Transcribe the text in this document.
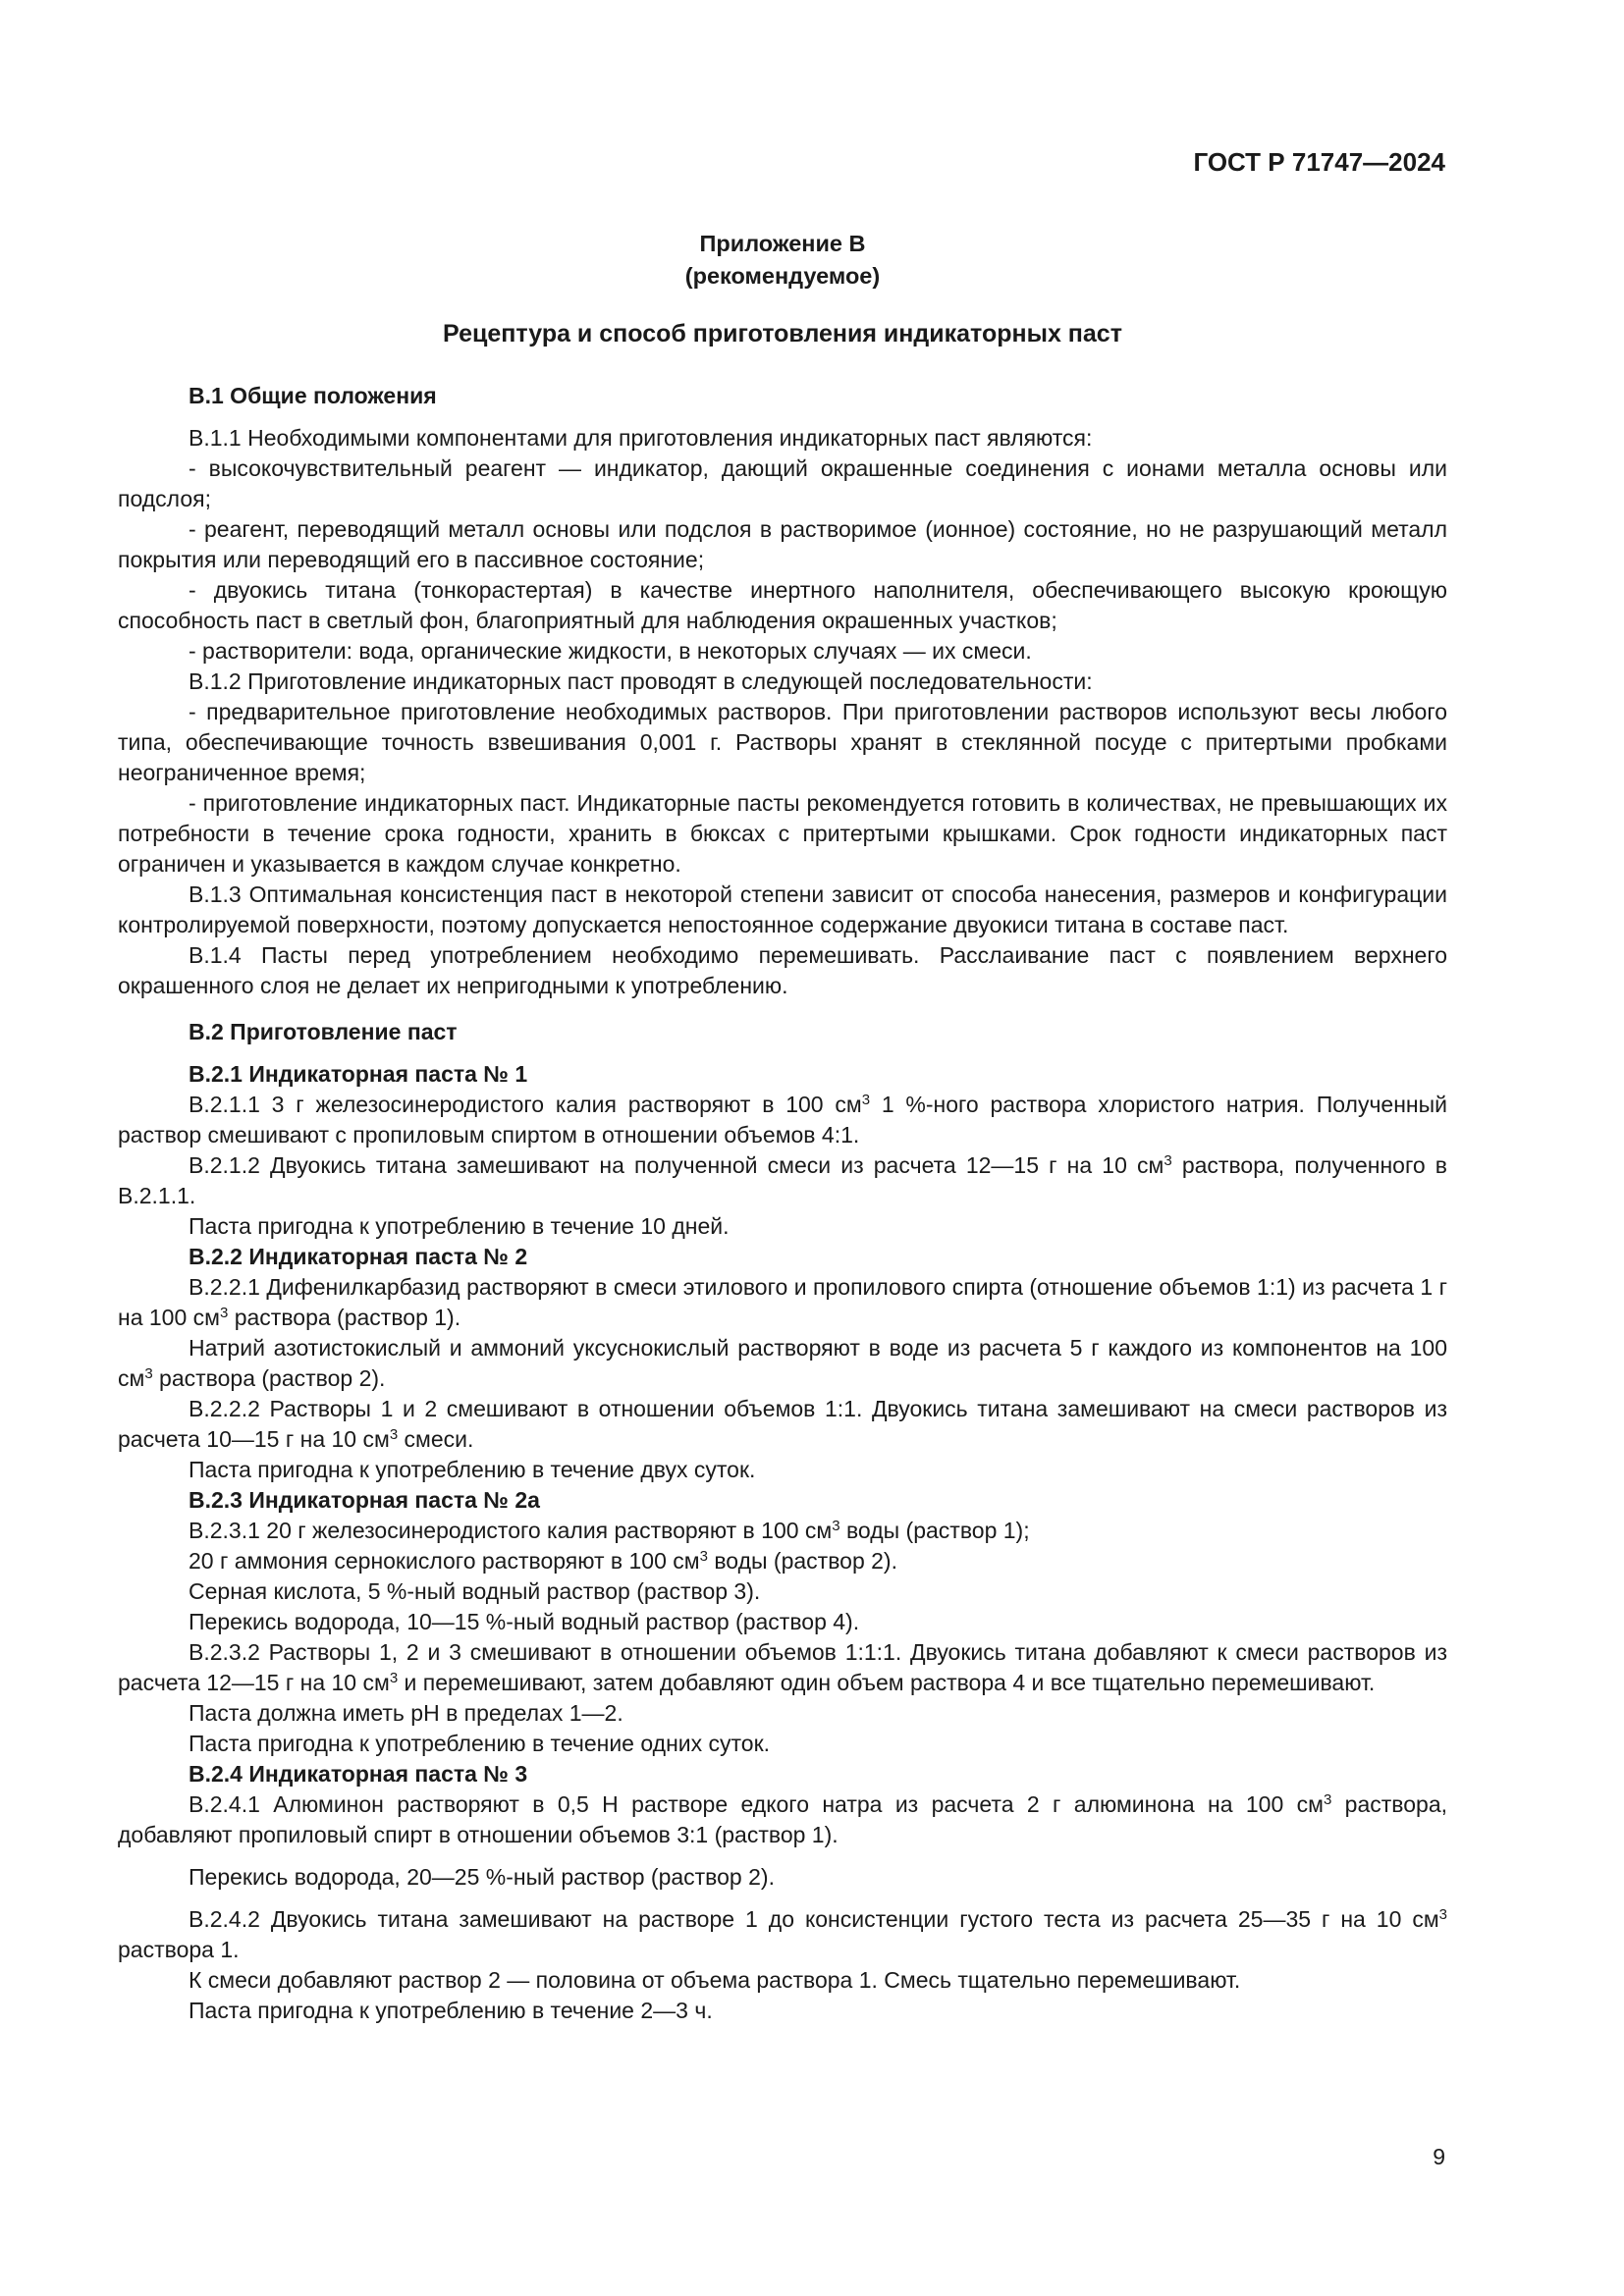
ГОСТ Р 71747—2024
Приложение В
(рекомендуемое)
Рецептура и способ приготовления индикаторных паст

В.1 Общие положения

В.1.1 Необходимыми компонентами для приготовления индикаторных паст являются:

- высокочувствительный реагент — индикатор, дающий окрашенные соединения с ионами металла основы или подслоя;

- реагент, переводящий металл основы или подслоя в растворимое (ионное) состояние, но не разрушающий металл покрытия или переводящий его в пассивное состояние;

- двуокись титана (тонкорастертая) в качестве инертного наполнителя, обеспечивающего высокую кроющую способность паст в светлый фон, благоприятный для наблюдения окрашенных участков;

- растворители: вода, органические жидкости, в некоторых случаях — их смеси.

В.1.2 Приготовление индикаторных паст проводят в следующей последовательности:

- предварительное приготовление необходимых растворов. При приготовлении растворов используют весы любого типа, обеспечивающие точность взвешивания 0,001 г. Растворы хранят в стеклянной посуде с притертыми пробками неограниченное время;

- приготовление индикаторных паст. Индикаторные пасты рекомендуется готовить в количествах, не превышающих их потребности в течение срока годности, хранить в бюксах с притертыми крышками. Срок годности индикаторных паст ограничен и указывается в каждом случае конкретно.

В.1.3 Оптимальная консистенция паст в некоторой степени зависит от способа нанесения, размеров и конфигурации контролируемой поверхности, поэтому допускается непостоянное содержание двуокиси титана в составе паст.

В.1.4 Пасты перед употреблением необходимо перемешивать. Расслаивание паст с появлением верхнего окрашенного слоя не делает их непригодными к употреблению.

В.2 Приготовление паст

В.2.1 Индикаторная паста № 1

В.2.1.1 3 г железосинеродистого калия растворяют в 100 $см^3$ 1 %-ного раствора хлористого натрия. Полученный раствор смешивают с пропиловым спиртом в отношении объемов 4:1.

В.2.1.2 Двуокись титана замешивают на полученной смеси из расчета 12—15 г на 10 $см^3$ раствора, полученного в В.2.1.1.

Паста пригодна к употреблению в течение 10 дней.

В.2.2 Индикаторная паста № 2

В.2.2.1 Дифенилкарбазид растворяют в смеси этилового и пропилового спирта (отношение объемов 1:1) из расчета 1 г на 100 $см^3$ раствора (раствор 1).

Натрий азотистокислый и аммоний уксуснокислый растворяют в воде из расчета 5 г каждого из компонентов на 100 $см^3$ раствора (раствор 2).

В.2.2.2 Растворы 1 и 2 смешивают в отношении объемов 1:1. Двуокись титана замешивают на смеси растворов из расчета 10—15 г на 10 $см^3$ смеси.

Паста пригодна к употреблению в течение двух суток.

В.2.3 Индикаторная паста № 2а

В.2.3.1 20 г железосинеродистого калия растворяют в 100 $см^3$ воды (раствор 1);

20 г аммония сернокислого растворяют в 100 $см^3$ воды (раствор 2).

Серная кислота, 5 %-ный водный раствор (раствор 3).

Перекись водорода, 10—15 %-ный водный раствор (раствор 4).

В.2.3.2 Растворы 1, 2 и 3 смешивают в отношении объемов 1:1:1. Двуокись титана добавляют к смеси растворов из расчета 12—15 г на 10 $см^3$ и перемешивают, затем добавляют один объем раствора 4 и все тщательно перемешивают.

Паста должна иметь pH в пределах 1—2.

Паста пригодна к употреблению в течение одних суток.

В.2.4 Индикаторная паста № 3

В.2.4.1 Алюминон растворяют в 0,5 Н растворе едкого натра из расчета 2 г алюминона на 100 $см^3$ раствора, добавляют пропиловый спирт в отношении объемов 3:1 (раствор 1).

Перекись водорода, 20—25 %-ный раствор (раствор 2).

В.2.4.2 Двуокись титана замешивают на растворе 1 до консистенции густого теста из расчета 25—35 г на 10 $см^3$ раствора 1.

К смеси добавляют раствор 2 — половина от объема раствора 1. Смесь тщательно перемешивают.

Паста пригодна к употреблению в течение 2—3 ч.

9
